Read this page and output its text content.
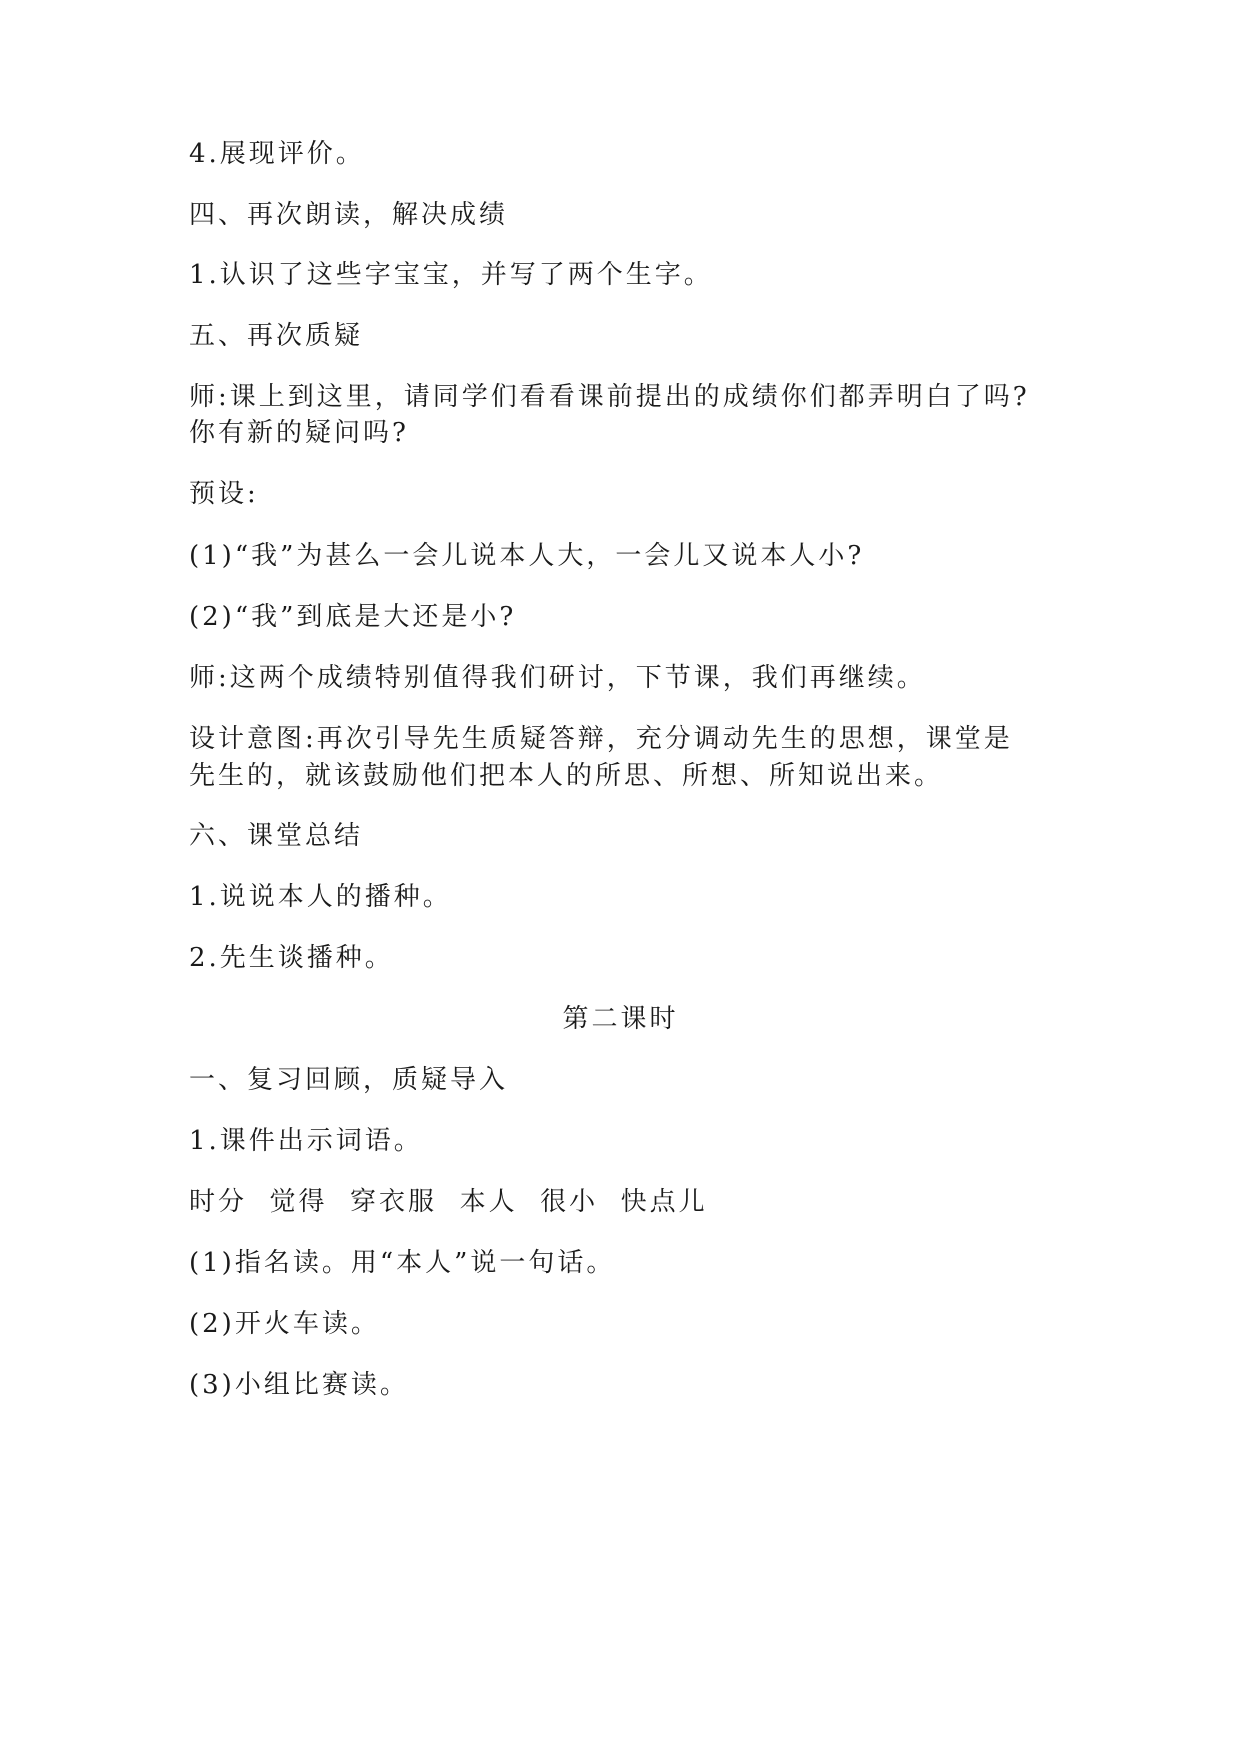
4.展现评价。

四、再次朗读，解决成绩

1.认识了这些字宝宝，并写了两个生字。

五、再次质疑

师:课上到这里，请同学们看看课前提出的成绩你们都弄明白了吗?

你有新的疑问吗?

预设:

(1)“我”为甚么一会儿说本人大，一会儿又说本人小?

(2)“我”到底是大还是小?

师:这两个成绩特别值得我们研讨，下节课，我们再继续。

设计意图:再次引导先生质疑答辩，充分调动先生的思想，课堂是

先生的，就该鼓励他们把本人的所思、所想、所知说出来。

六、课堂总结

1.说说本人的播种。

2.先生谈播种。

第二课时

一、复习回顾，质疑导入

1.课件出示词语。

时分  觉得  穿衣服  本人  很小  快点儿

(1)指名读。用“本人”说一句话。

(2)开火车读。

(3)小组比赛读。
